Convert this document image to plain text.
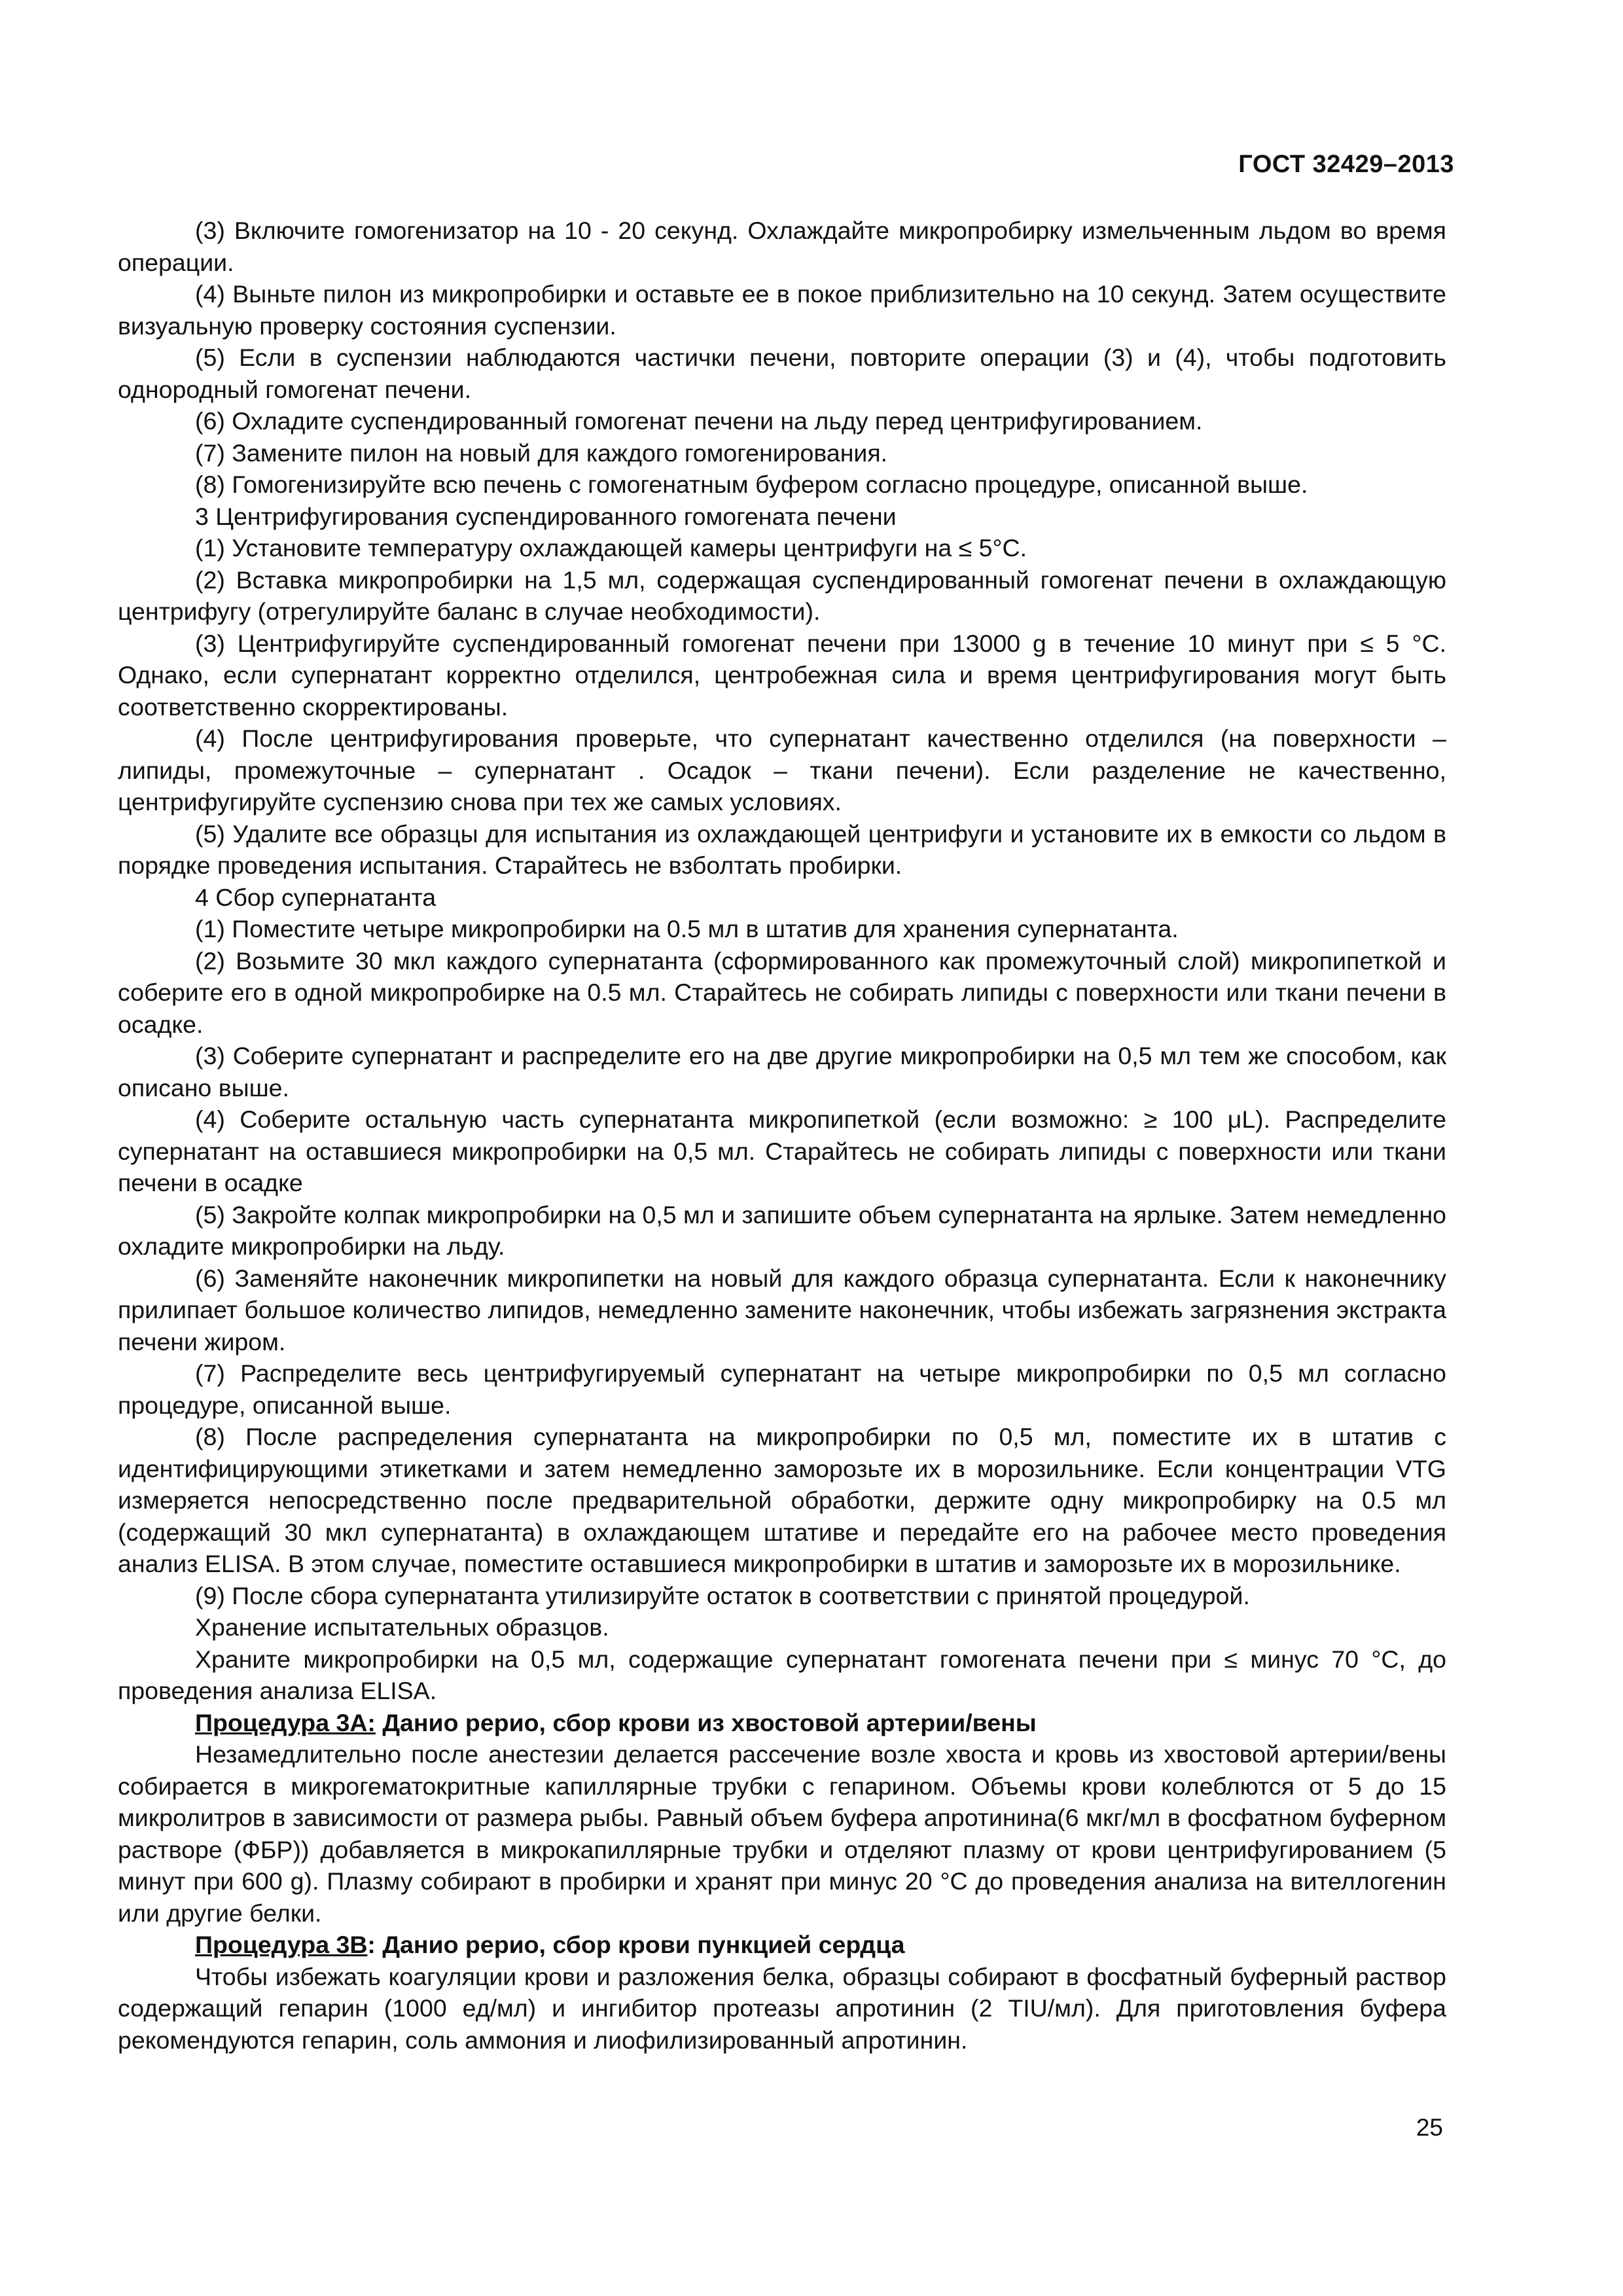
ГОСТ 32429–2013

(3) Включите гомогенизатор на 10 - 20 секунд. Охлаждайте микропробирку измельченным льдом во время операции.

(4) Выньте пилон из микропробирки и оставьте ее в покое приблизительно на 10 секунд. Затем осуществите визуальную проверку состояния суспензии.

(5) Если в суспензии наблюдаются частички печени, повторите операции (3) и (4), чтобы подготовить однородный гомогенат печени.

(6) Охладите суспендированный гомогенат печени на льду перед центрифугированием.

(7) Замените пилон на новый для каждого гомогенирования.

(8) Гомогенизируйте всю печень с гомогенатным буфером согласно процедуре, описанной выше.

3 Центрифугирования суспендированного гомогената печени

(1) Установите температуру охлаждающей камеры центрифуги на ≤ 5°С.

(2) Вставка микропробирки на 1,5 мл, содержащая суспендированный гомогенат печени в охлаждающую центрифугу (отрегулируйте баланс в случае необходимости).

(3) Центрифугируйте суспендированный гомогенат печени при 13000 g в течение 10 минут при ≤ 5 °С. Однако, если супернатант корректно отделился, центробежная сила и время центрифугирования могут быть соответственно скорректированы.

(4) После центрифугирования проверьте, что супернатант качественно отделился (на поверхности – липиды, промежуточные – супернатант . Осадок – ткани печени). Если разделение не качественно, центрифугируйте суспензию снова при тех же самых условиях.

(5) Удалите все образцы для испытания из охлаждающей центрифуги и установите их в емкости со льдом в порядке проведения испытания. Старайтесь не взболтать пробирки.

4 Сбор супернатанта

(1) Поместите четыре микропробирки на 0.5 мл в штатив для хранения супернатанта.

(2) Возьмите 30 мкл каждого супернатанта (сформированного как промежуточный слой) микропипеткой и соберите его в одной микропробирке на 0.5 мл. Старайтесь не собирать липиды с поверхности или ткани печени в осадке.

(3) Соберите супернатант и распределите его на две другие микропробирки на 0,5 мл тем же способом, как описано выше.

(4) Соберите остальную часть супернатанта микропипеткой (если возможно: ≥ 100 μL). Распределите супернатант на оставшиеся микропробирки на 0,5 мл. Старайтесь не собирать липиды с поверхности или ткани печени в осадке

(5) Закройте колпак микропробирки на 0,5 мл и запишите объем супернатанта на ярлыке. Затем немедленно охладите микропробирки на льду.

(6) Заменяйте наконечник микропипетки на новый для каждого образца супернатанта. Если к наконечнику прилипает большое количество липидов, немедленно замените наконечник, чтобы избежать загрязнения экстракта печени жиром.

(7) Распределите весь центрифугируемый супернатант на четыре микропробирки по 0,5 мл согласно процедуре, описанной выше.

(8) После распределения супернатанта на микропробирки по 0,5 мл, поместите их в штатив с идентифицирующими этикетками и затем немедленно заморозьте их в морозильнике. Если концентрации VTG измеряется непосредственно после предварительной обработки, держите одну микропробирку на 0.5 мл (содержащий 30 мкл супернатанта) в охлаждающем штативе и передайте его на рабочее место проведения анализ ELISA. В этом случае, поместите оставшиеся микропробирки в штатив и заморозьте их в морозильнике.

(9) После сбора супернатанта утилизируйте остаток в соответствии с принятой процедурой.

Хранение испытательных образцов.

Храните микропробирки на 0,5 мл, содержащие супернатант гомогената печени при ≤ минус 70 °С, до проведения анализа ELISA.

Процедура 3А: Данио рерио, сбор крови из хвостовой артерии/вены

Незамедлительно после анестезии делается рассечение возле хвоста и кровь из хвостовой артерии/вены собирается в микрогематокритные капиллярные трубки с гепарином. Объемы крови колеблются от 5 до 15 микролитров в зависимости от размера рыбы. Равный объем буфера апротинина(6 мкг/мл в фосфатном буферном растворе (ФБР)) добавляется в микрокапиллярные трубки и отделяют плазму от крови центрифугированием (5 минут при 600 g). Плазму собирают в пробирки и хранят при минус 20 °С до проведения анализа на вителлогенин или другие белки.

Процедура 3В: Данио рерио, сбор крови пункцией сердца

Чтобы избежать коагуляции крови и разложения белка, образцы собирают в фосфатный буферный раствор содержащий гепарин (1000 ед/мл) и ингибитор протеазы апротинин (2 TIU/мл). Для приготовления буфера рекомендуются гепарин, соль аммония и лиофилизированный апротинин.

25
